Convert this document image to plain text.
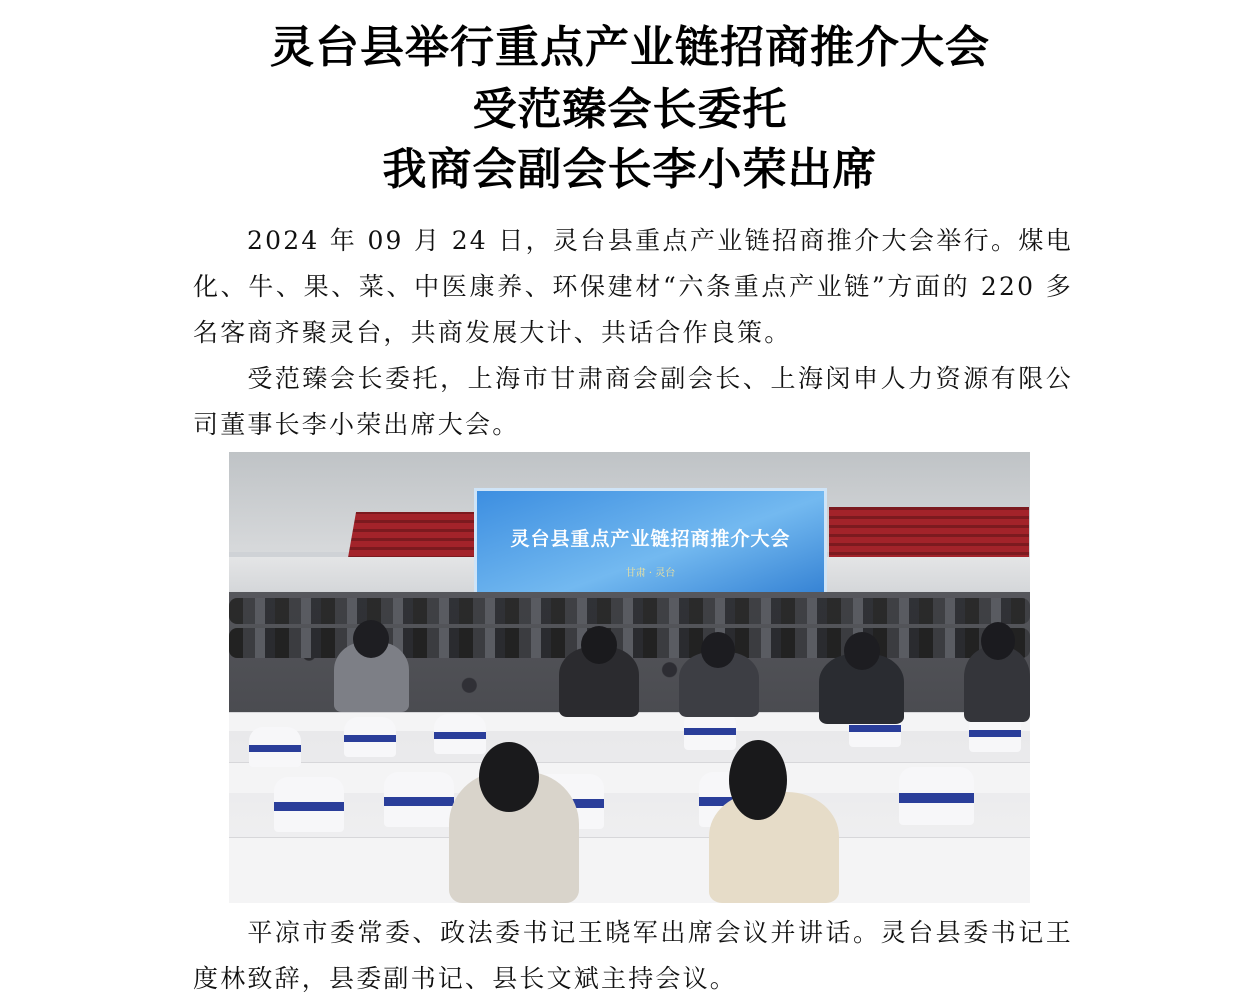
灵台县举行重点产业链招商推介大会
受范臻会长委托
我商会副会长李小荣出席

2024 年 09 月 24 日，灵台县重点产业链招商推介大会举行。煤电化、牛、果、菜、中医康养、环保建材“六条重点产业链”方面的 220 多名客商齐聚灵台，共商发展大计、共话合作良策。

受范臻会长委托，上海市甘肃商会副会长、上海闵申人力资源有限公司董事长李小荣出席大会。

灵台县重点产业链招商推介大会
甘肃 · 灵台

平凉市委常委、政法委书记王晓军出席会议并讲话。灵台县委书记王度林致辞，县委副书记、县长文斌主持会议。
